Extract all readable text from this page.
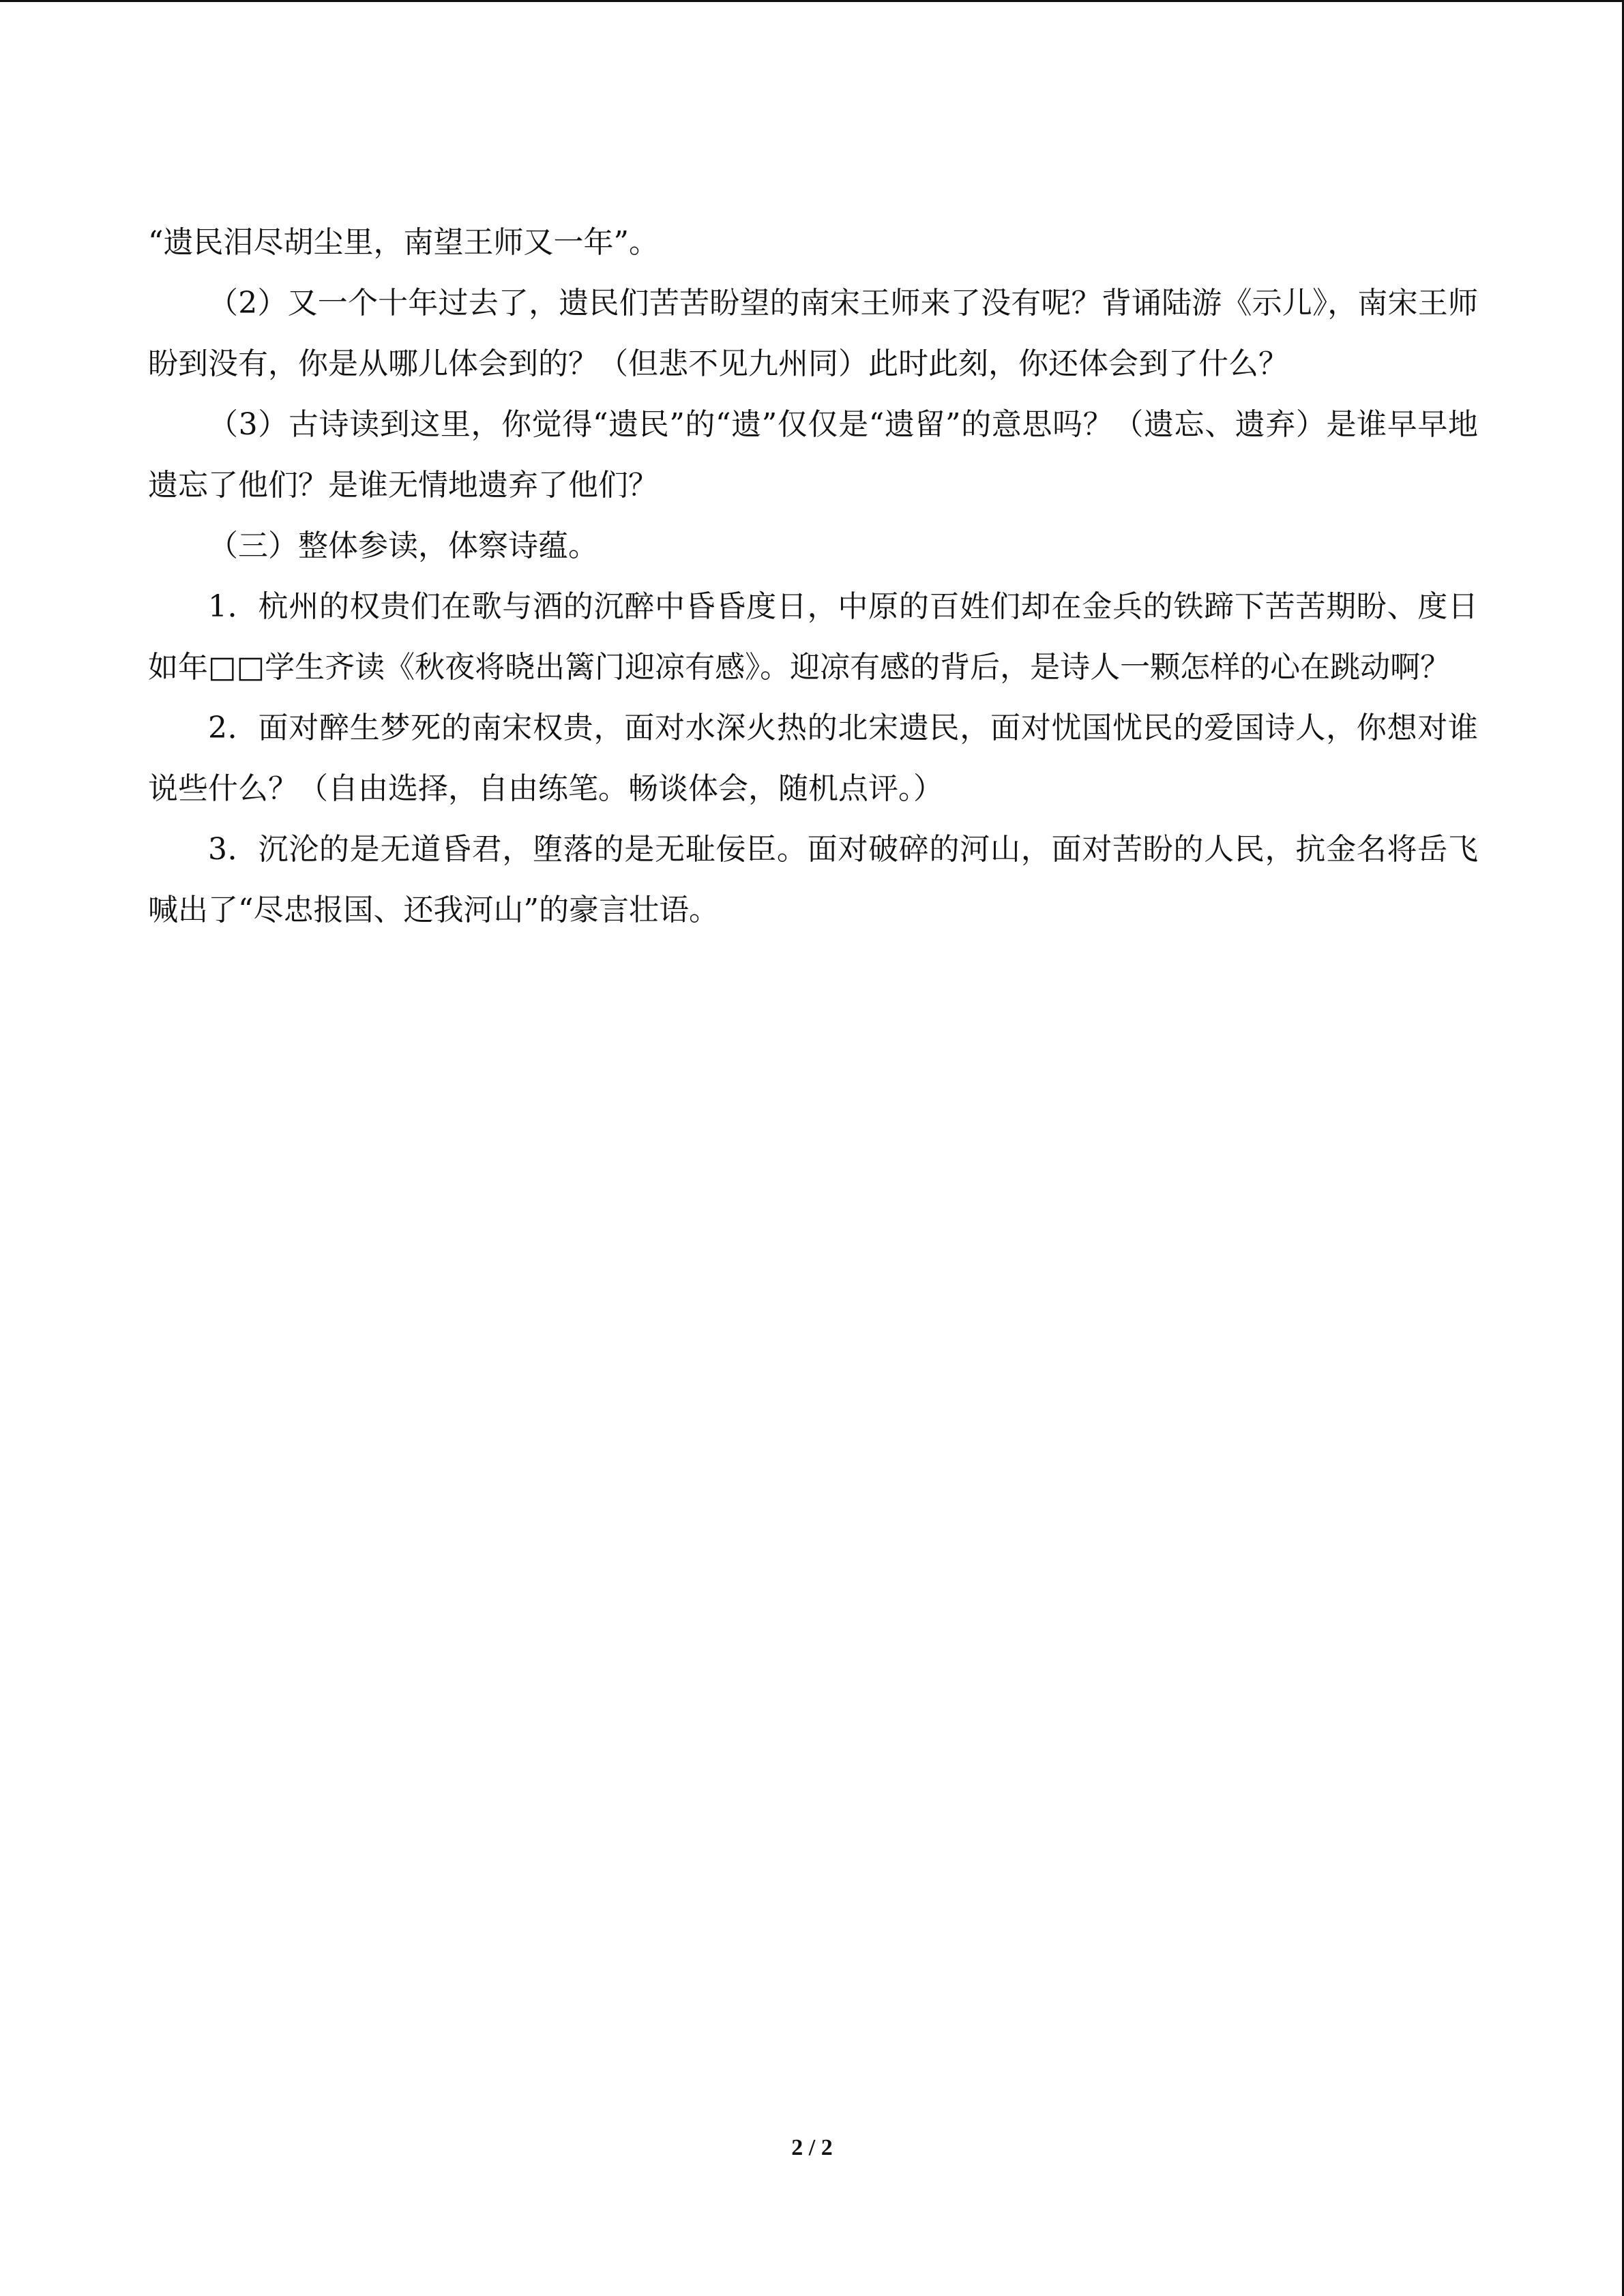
“遗民泪尽胡尘里，南望王师又一年”。

（2）又一个十年过去了，遗民们苦苦盼望的南宋王师来了没有呢？背诵陆游《示儿》，南宋王师盼到没有，你是从哪儿体会到的？（但悲不见九州同）此时此刻，你还体会到了什么？

（3）古诗读到这里，你觉得“遗民”的“遗”仅仅是“遗留”的意思吗？（遗忘、遗弃）是谁早早地遗忘了他们？是谁无情地遗弃了他们？

（三）整体参读，体察诗蕴。

1．杭州的权贵们在歌与酒的沉醉中昏昏度日，中原的百姓们却在金兵的铁蹄下苦苦期盼、度日如年□□学生齐读《秋夜将晓出篱门迎凉有感》。迎凉有感的背后，是诗人一颗怎样的心在跳动啊？

2．面对醉生梦死的南宋权贵，面对水深火热的北宋遗民，面对忧国忧民的爱国诗人，你想对谁说些什么？（自由选择，自由练笔。畅谈体会，随机点评。）

3．沉沦的是无道昏君，堕落的是无耻佞臣。面对破碎的河山，面对苦盼的人民，抗金名将岳飞喊出了“尽忠报国、还我河山”的豪言壮语。

2 / 2
